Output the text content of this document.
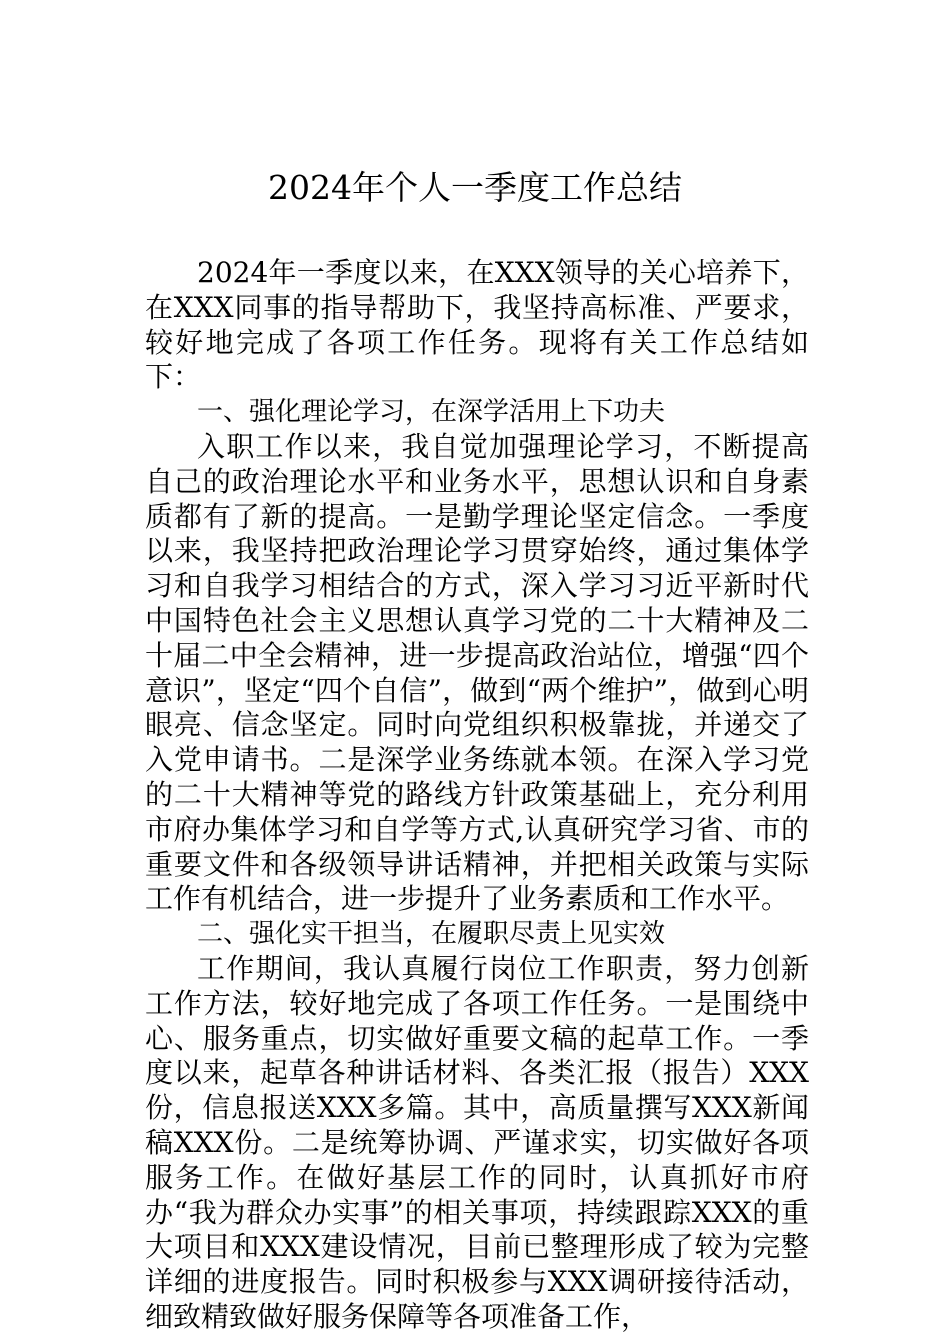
2024年个人一季度工作总结

2024年一季度以来，在XXX领导的关心培养下，在XXX同事的指导帮助下，我坚持高标准、严要求，较好地完成了各项工作任务。现将有关工作总结如下：

一、强化理论学习，在深学活用上下功夫

入职工作以来，我自觉加强理论学习，不断提高自己的政治理论水平和业务水平，思想认识和自身素质都有了新的提高。一是勤学理论坚定信念。一季度以来，我坚持把政治理论学习贯穿始终，通过集体学习和自我学习相结合的方式，深入学习习近平新时代中国特色社会主义思想认真学习党的二十大精神及二十届二中全会精神，进一步提高政治站位，增强“四个意识”，坚定“四个自信”，做到“两个维护”，做到心明眼亮、信念坚定。同时向党组织积极靠拢，并递交了入党申请书。二是深学业务练就本领。在深入学习党的二十大精神等党的路线方针政策基础上，充分利用市府办集体学习和自学等方式,认真研究学习省、市的重要文件和各级领导讲话精神，并把相关政策与实际工作有机结合，进一步提升了业务素质和工作水平。

二、强化实干担当，在履职尽责上见实效

工作期间，我认真履行岗位工作职责，努力创新工作方法，较好地完成了各项工作任务。一是围绕中心、服务重点，切实做好重要文稿的起草工作。一季度以来，起草各种讲话材料、各类汇报（报告）XXX份，信息报送XXX多篇。其中，高质量撰写XXX新闻稿XXX份。二是统筹协调、严谨求实，切实做好各项服务工作。在做好基层工作的同时，认真抓好市府办“我为群众办实事”的相关事项，持续跟踪XXX的重大项目和XXX建设情况，目前已整理形成了较为完整详细的进度报告。同时积极参与XXX调研接待活动，细致精致做好服务保障等各项准备工作，
